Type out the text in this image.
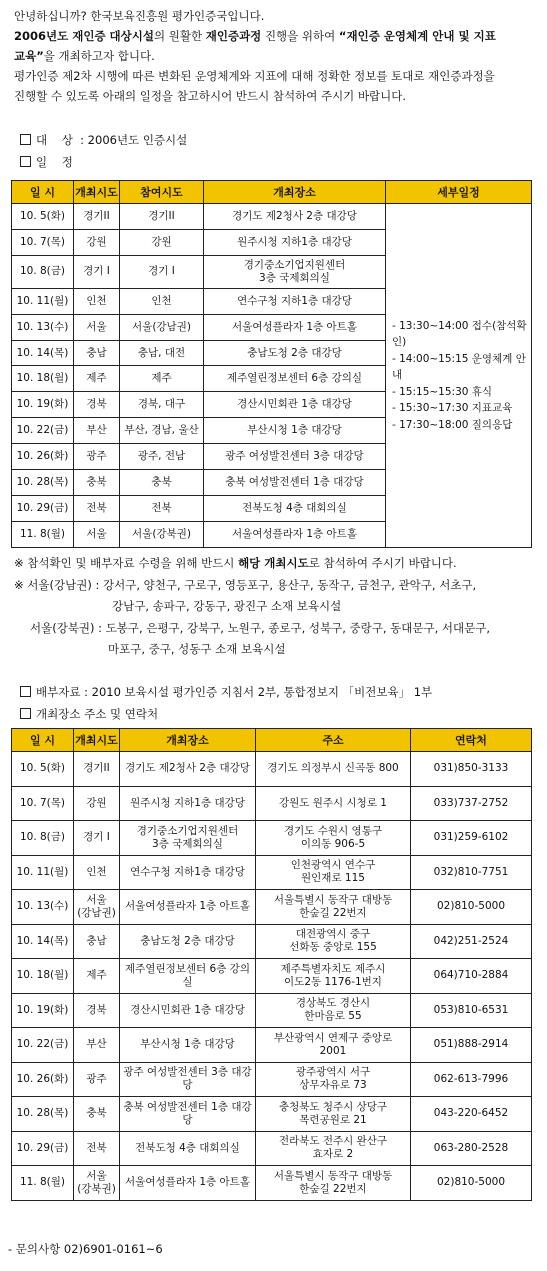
안녕하십니까? 한국보육진흥원 평가인증국입니다.
2006년도 재인증 대상시설의 원활한 재인증과정 진행을 위하여 “재인증 운영체계 안내 및 지표
교육”을 개최하고자 합니다.
평가인증 제2차 시행에 따른 변화된 운영체계와 지표에 대해 정확한 정보를 토대로 재인증과정을
진행할 수 있도록 아래의 일정을 참고하시어 반드시 참석하여 주시기 바랍니다.
대    상 : 2006년도 인증시설
일    정
일 시	개최시도	참여시도	개최장소	세부일정
10. 5(화)	경기II	경기II	경기도 제2청사 2층 대강당	- 13:30~14:00 접수(참석확인)
- 14:00~15:15 운영체계 안내
- 15:15~15:30 휴식
- 15:30~17:30 지표교육
- 17:30~18:00 질의응답

10. 7(목)	강원	강원	원주시청 지하1층 대강당	
10. 8(금)	경기 I	경기 I	경기중소기업지원센터
3층 국제회의실	
10. 11(월)	인천	인천	연수구청 지하1층 대강당	
10. 13(수)	서울	서울(강남권)	서울여성플라자 1층 아트홀	
10. 14(목)	충남	충남, 대전	충남도청 2층 대강당	
10. 18(월)	제주	제주	제주열린정보센터 6층 강의실	
10. 19(화)	경북	경북, 대구	경산시민회관 1층 대강당	
10. 22(금)	부산	부산, 경남, 울산	부산시청 1층 대강당	
10. 26(화)	광주	광주, 전남	광주 여성발전센터 3층 대강당	
10. 28(목)	충북	충북	충북 여성발전센터 1층 대강당	
10. 29(금)	전북	전북	전북도청 4층 대회의실	
11. 8(월)	서울	서울(강북권)	서울여성플라자 1층 아트홀	
※ 참석확인 및 배부자료 수령을 위해 반드시 해당 개최시도로 참석하여 주시기 바랍니다.
※ 서울(강남권) : 강서구, 양천구, 구로구, 영등포구, 용산구, 동작구, 금천구, 관악구, 서초구,
강남구, 송파구, 강동구, 광진구 소재 보육시설
서울(강북권) : 도봉구, 은평구, 강북구, 노원구, 종로구, 성북구, 중랑구, 동대문구, 서대문구,
마포구, 중구, 성동구 소재 보육시설
배부자료 : 2010 보육시설 평가인증 지침서 2부, 통합정보지 「비전보육」 1부
개최장소 주소 및 연락처
일 시	개최시도	개최장소	주소	연락처
10. 5(화)	경기II	경기도 제2청사 2층 대강당	경기도 의정부시 신곡동 800	031)850-3133
10. 7(목)	강원	원주시청 지하1층 대강당	강원도 원주시 시청로 1	033)737-2752
10. 8(금)	경기 I	경기중소기업지원센터
3층 국제회의실	경기도 수원시 영통구
이의동 906-5	031)259-6102
10. 11(월)	인천	연수구청 지하1층 대강당	인천광역시 연수구
원인재로 115	032)810-7751
10. 13(수)	서울
(강남권)	서울여성플라자 1층 아트홀	서울특별시 동작구 대방동
한숲길 22번지	02)810-5000
10. 14(목)	충남	충남도청 2층 대강당	대전광역시 중구
선화동 중앙로 155	042)251-2524
10. 18(월)	제주	제주열린정보센터 6층 강의실	제주특별자치도 제주시
이도2동 1176-1번지	064)710-2884
10. 19(화)	경북	경산시민회관 1층 대강당	경상북도 경산시
한마음로 55	053)810-6531
10. 22(금)	부산	부산시청 1층 대강당	부산광역시 연제구 중앙로
2001	051)888-2914
10. 26(화)	광주	광주 여성발전센터 3층 대강당	광주광역시 서구
상무자유로 73	062-613-7996
10. 28(목)	충북	충북 여성발전센터 1층 대강당	충청북도 청주시 상당구
목련공원로 21	043-220-6452
10. 29(금)	전북	전북도청 4층 대회의실	전라북도 전주시 완산구
효자로 2	063-280-2528
11. 8(월)	서울
(강북권)	서울여성플라자 1층 아트홀	서울특별시 동작구 대방동
한숲길 22번지	02)810-5000
- 문의사항 02)6901-0161~6
